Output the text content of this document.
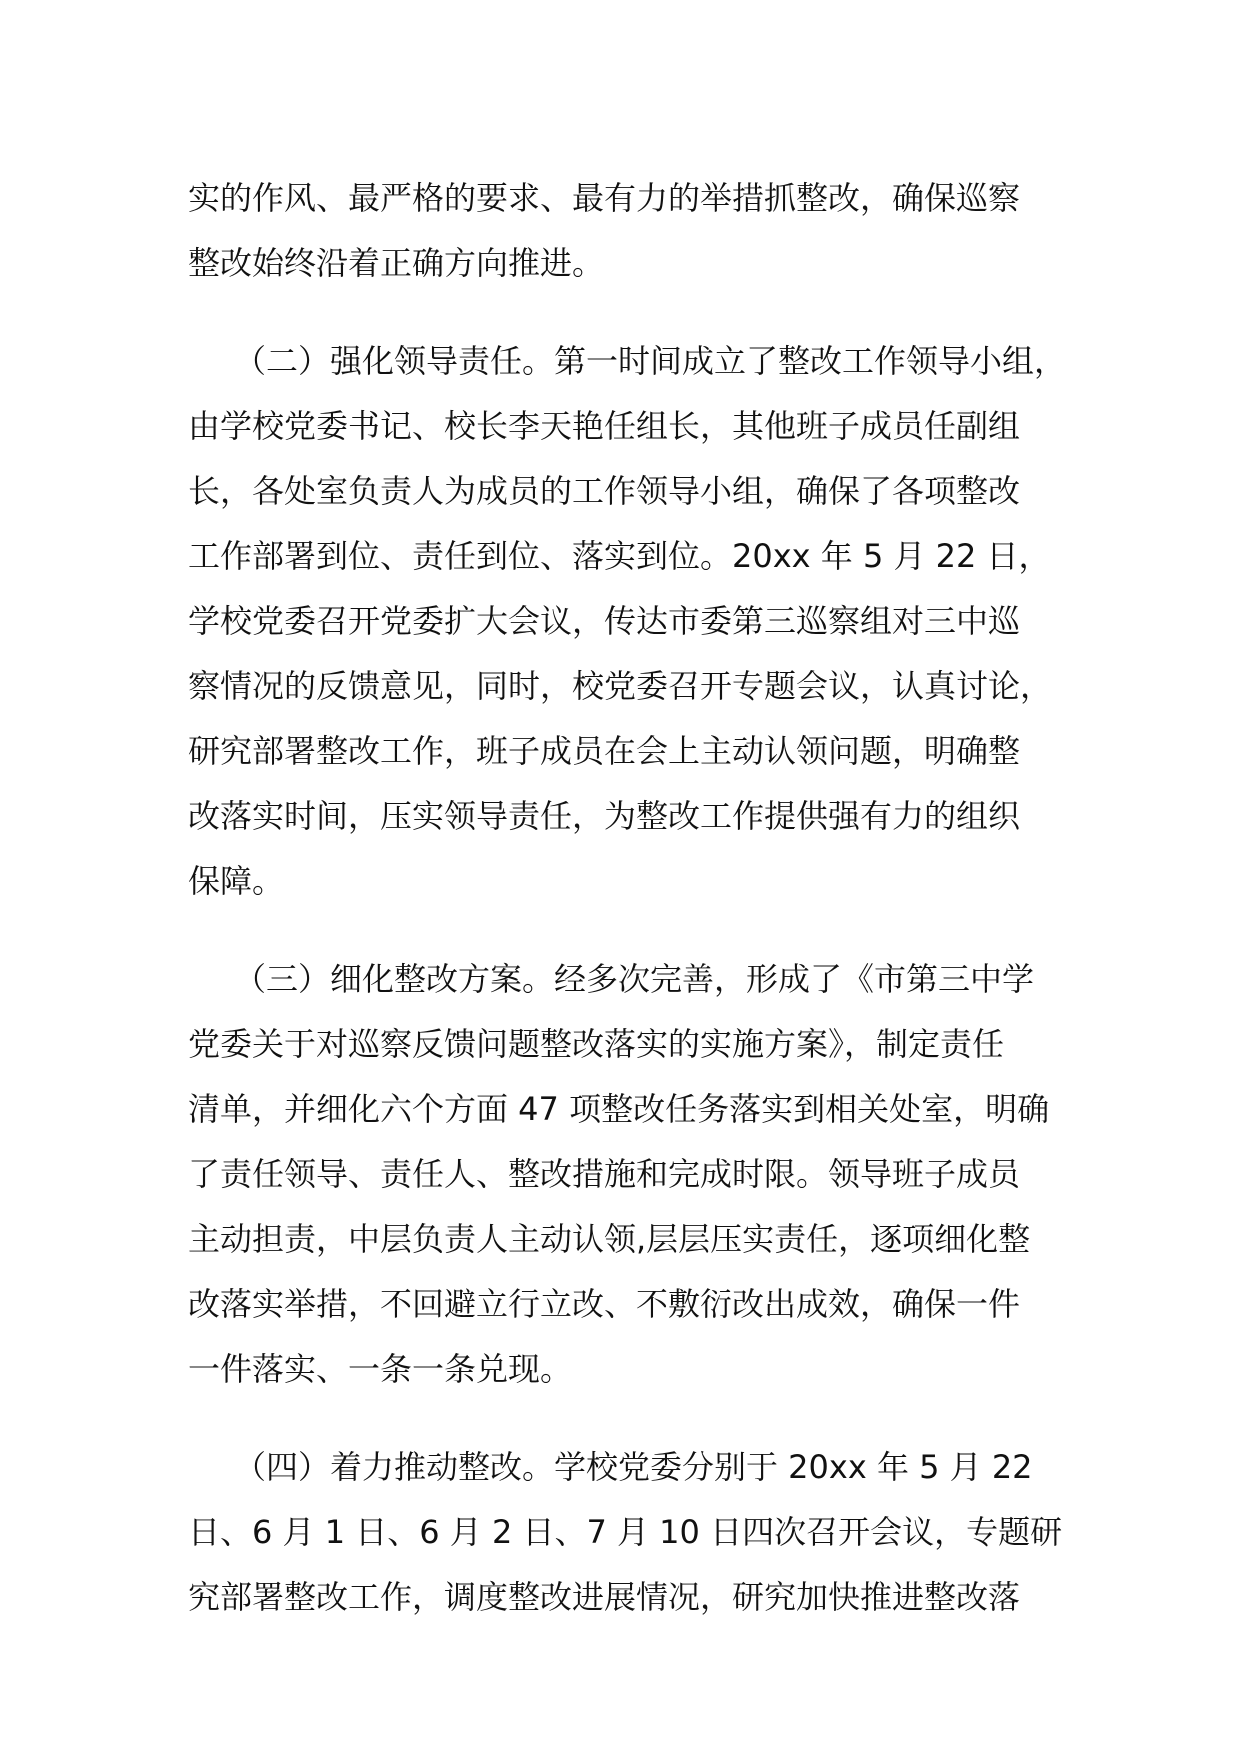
实的作风、最严格的要求、最有力的举措抓整改，确保巡察
整改始终沿着正确方向推进。
（二）强化领导责任。第一时间成立了整改工作领导小组，
由学校党委书记、校长李天艳任组长，其他班子成员任副组
长，各处室负责人为成员的工作领导小组，确保了各项整改
工作部署到位、责任到位、落实到位。20xx 年 5 月 22 日，
学校党委召开党委扩大会议，传达市委第三巡察组对三中巡
察情况的反馈意见，同时，校党委召开专题会议，认真讨论，
研究部署整改工作，班子成员在会上主动认领问题，明确整
改落实时间，压实领导责任，为整改工作提供强有力的组织
保障。
（三）细化整改方案。经多次完善，形成了《市第三中学
党委关于对巡察反馈问题整改落实的实施方案》，制定责任
清单，并细化六个方面 47 项整改任务落实到相关处室，明确
了责任领导、责任人、整改措施和完成时限。领导班子成员
主动担责，中层负责人主动认领,层层压实责任，逐项细化整
改落实举措，不回避立行立改、不敷衍改出成效，确保一件
一件落实、一条一条兑现。
（四）着力推动整改。学校党委分别于 20xx 年 5 月 22
日、6 月 1 日、6 月 2 日、7 月 10 日四次召开会议，专题研
究部署整改工作，调度整改进展情况，研究加快推进整改落
